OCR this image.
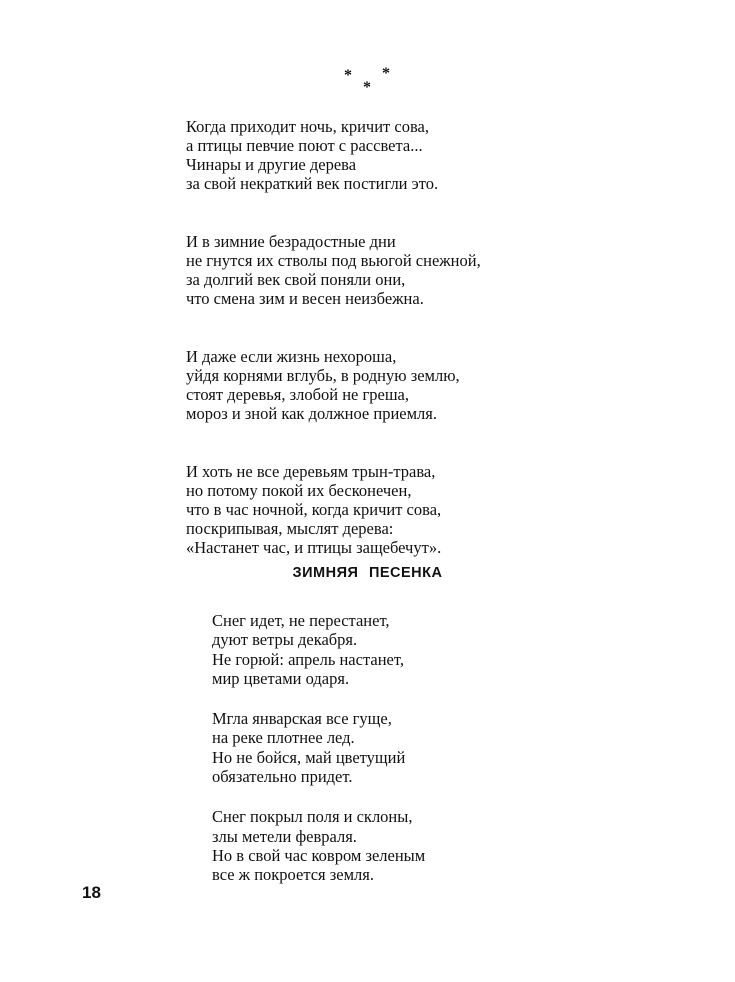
*
*
*
Когда приходит ночь, кричит сова,
а птицы певчие поют с рассвета...
Чинары и другие дерева
за свой некраткий век постигли это.
И в зимние безрадостные дни
не гнутся их стволы под вьюгой снежной,
за долгий век свой поняли они,
что смена зим и весен неизбежна.
И даже если жизнь нехороша,
уйдя корнями вглубь, в родную землю,
стоят деревья, злобой не греша,
мороз и зной как должное приемля.
И хоть не все деревьям трын-трава,
но потому покой их бесконечен,
что в час ночной, когда кричит сова,
поскрипывая, мыслят дерева:
«Настанет час, и птицы защебечут».
ЗИМНЯЯ ПЕСЕНКА
Снег идет, не перестанет,
дуют ветры декабря.
Не горюй: апрель настанет,
мир цветами одаря.
Мгла январская все гуще,
на реке плотнее лед.
Но не бойся, май цветущий
обязательно придет.
Снег покрыл поля и склоны,
злы метели февраля.
Но в свой час ковром зеленым
все ж покроется земля.
18
